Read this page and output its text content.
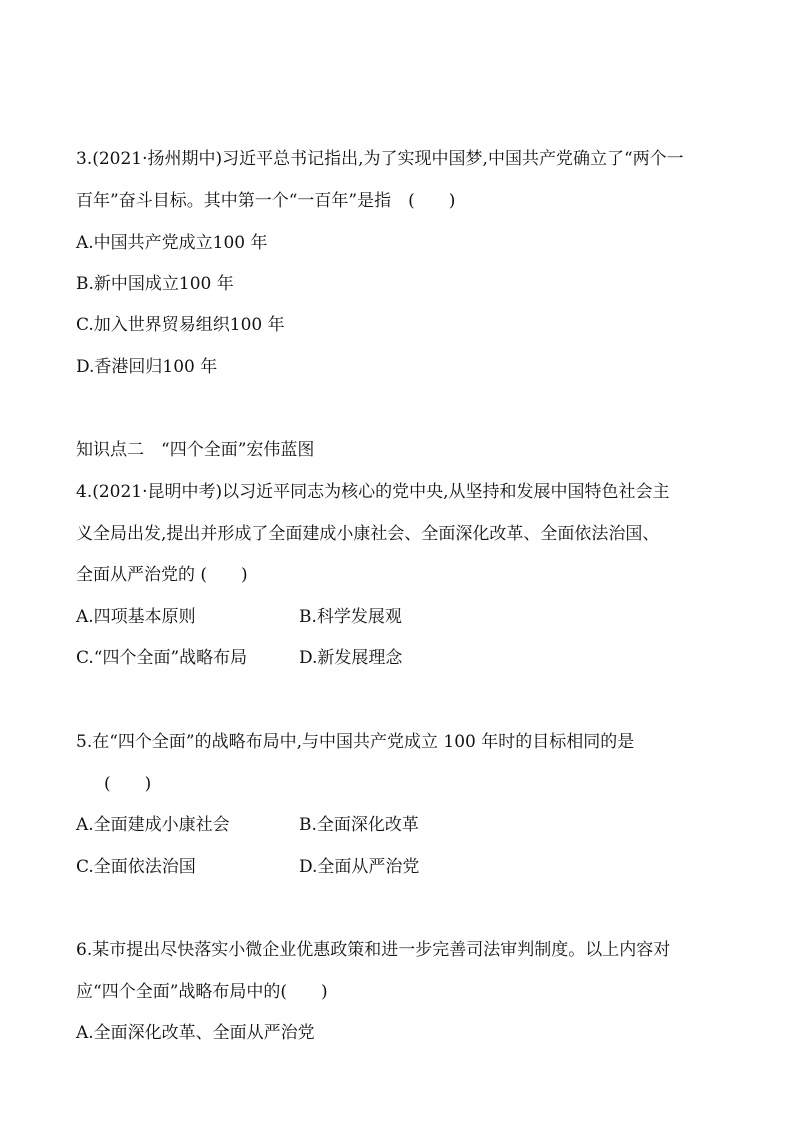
3.(2021·扬州期中)习近平总书记指出,为了实现中国梦,中国共产党确立了“两个一
百年”奋斗目标。其中第一个“一百年”是指　(　　)
A.中国共产党成立100 年
B.新中国成立100 年
C.加入世界贸易组织100 年
D.香港回归100 年
知识点二　“四个全面”宏伟蓝图
4.(2021·昆明中考)以习近平同志为核心的党中央,从坚持和发展中国特色社会主
义全局出发,提出并形成了全面建成小康社会、全面深化改革、全面依法治国、
全面从严治党的 (　　)
A.四项基本原则	B.科学发展观
C.“四个全面”战略布局	D.新发展理念
5.在“四个全面”的战略布局中,与中国共产党成立 100 年时的目标相同的是
(　　)
A.全面建成小康社会	B.全面深化改革
C.全面依法治国	D.全面从严治党
6.某市提出尽快落实小微企业优惠政策和进一步完善司法审判制度。以上内容对
应“四个全面”战略布局中的(　　)
A.全面深化改革、全面从严治党
